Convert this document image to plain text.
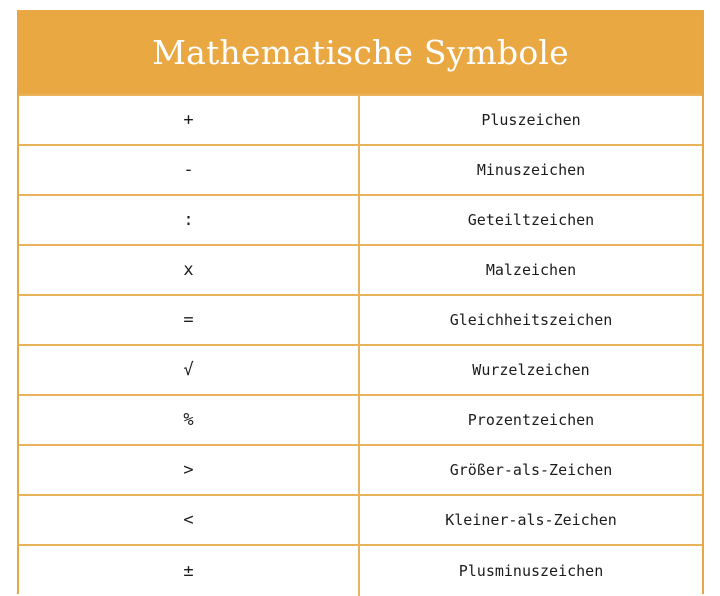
Mathematische Symbole
+	Pluszeichen
-	Minuszeichen
:	Geteiltzeichen
x	Malzeichen
=	Gleichheitszeichen
√	Wurzelzeichen
%	Prozentzeichen
>	Größer-als-Zeichen
<	Kleiner-als-Zeichen
±	Plusminuszeichen
